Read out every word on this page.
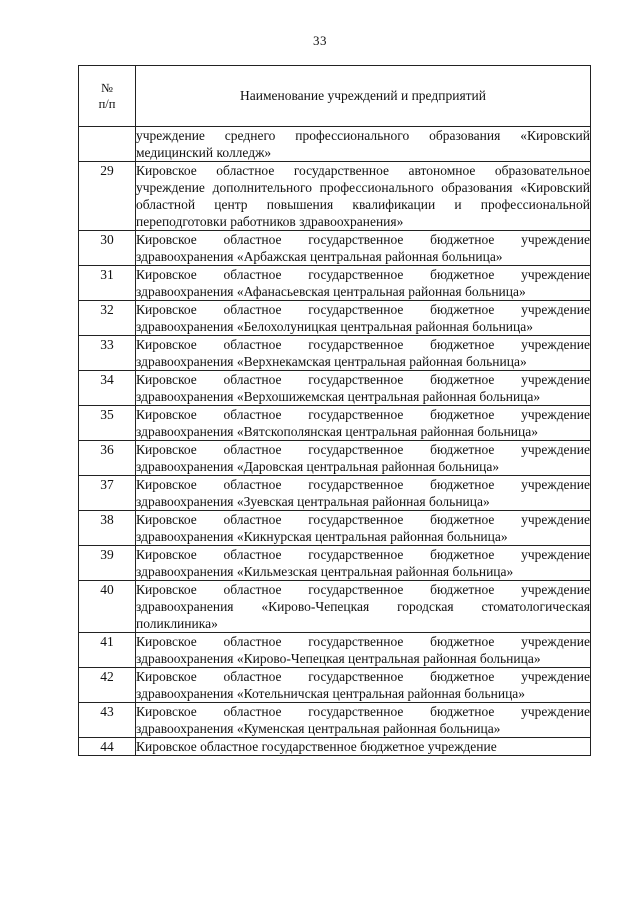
33
№
п/п	Наименование учреждений и предприятий
	учреждение среднего профессионального образования «Кировский медицинский колледж»
29	Кировское областное государственное автономное образовательное учреждение дополнительного профессионального образования «Кировский областной центр повышения квалификации и профессиональной переподготовки работников здравоохранения»
30	Кировское областное государственное бюджетное учреждение здравоохранения «Арбажская центральная районная больница»
31	Кировское областное государственное бюджетное учреждение здравоохранения «Афанасьевская центральная районная больница»
32	Кировское областное государственное бюджетное учреждение здравоохранения «Белохолуницкая центральная районная больница»
33	Кировское областное государственное бюджетное учреждение здравоохранения «Верхнекамская центральная районная больница»
34	Кировское областное государственное бюджетное учреждение здравоохранения «Верхошижемская центральная районная больница»
35	Кировское областное государственное бюджетное учреждение здравоохранения «Вятскополянская центральная районная больница»
36	Кировское областное государственное бюджетное учреждение здравоохранения «Даровская центральная районная больница»
37	Кировское областное государственное бюджетное учреждение здравоохранения «Зуевская центральная районная больница»
38	Кировское областное государственное бюджетное учреждение здравоохранения «Кикнурская центральная районная больница»
39	Кировское областное государственное бюджетное учреждение здравоохранения «Кильмезская центральная районная больница»
40	Кировское областное государственное бюджетное учреждение здравоохранения «Кирово-Чепецкая городская стоматологическая поликлиника»
41	Кировское областное государственное бюджетное учреждение здравоохранения «Кирово-Чепецкая центральная районная больница»
42	Кировское областное государственное бюджетное учреждение здравоохранения «Котельничская центральная районная больница»
43	Кировское областное государственное бюджетное учреждение здравоохранения «Куменская центральная районная больница»
44	Кировское областное государственное бюджетное учреждение
